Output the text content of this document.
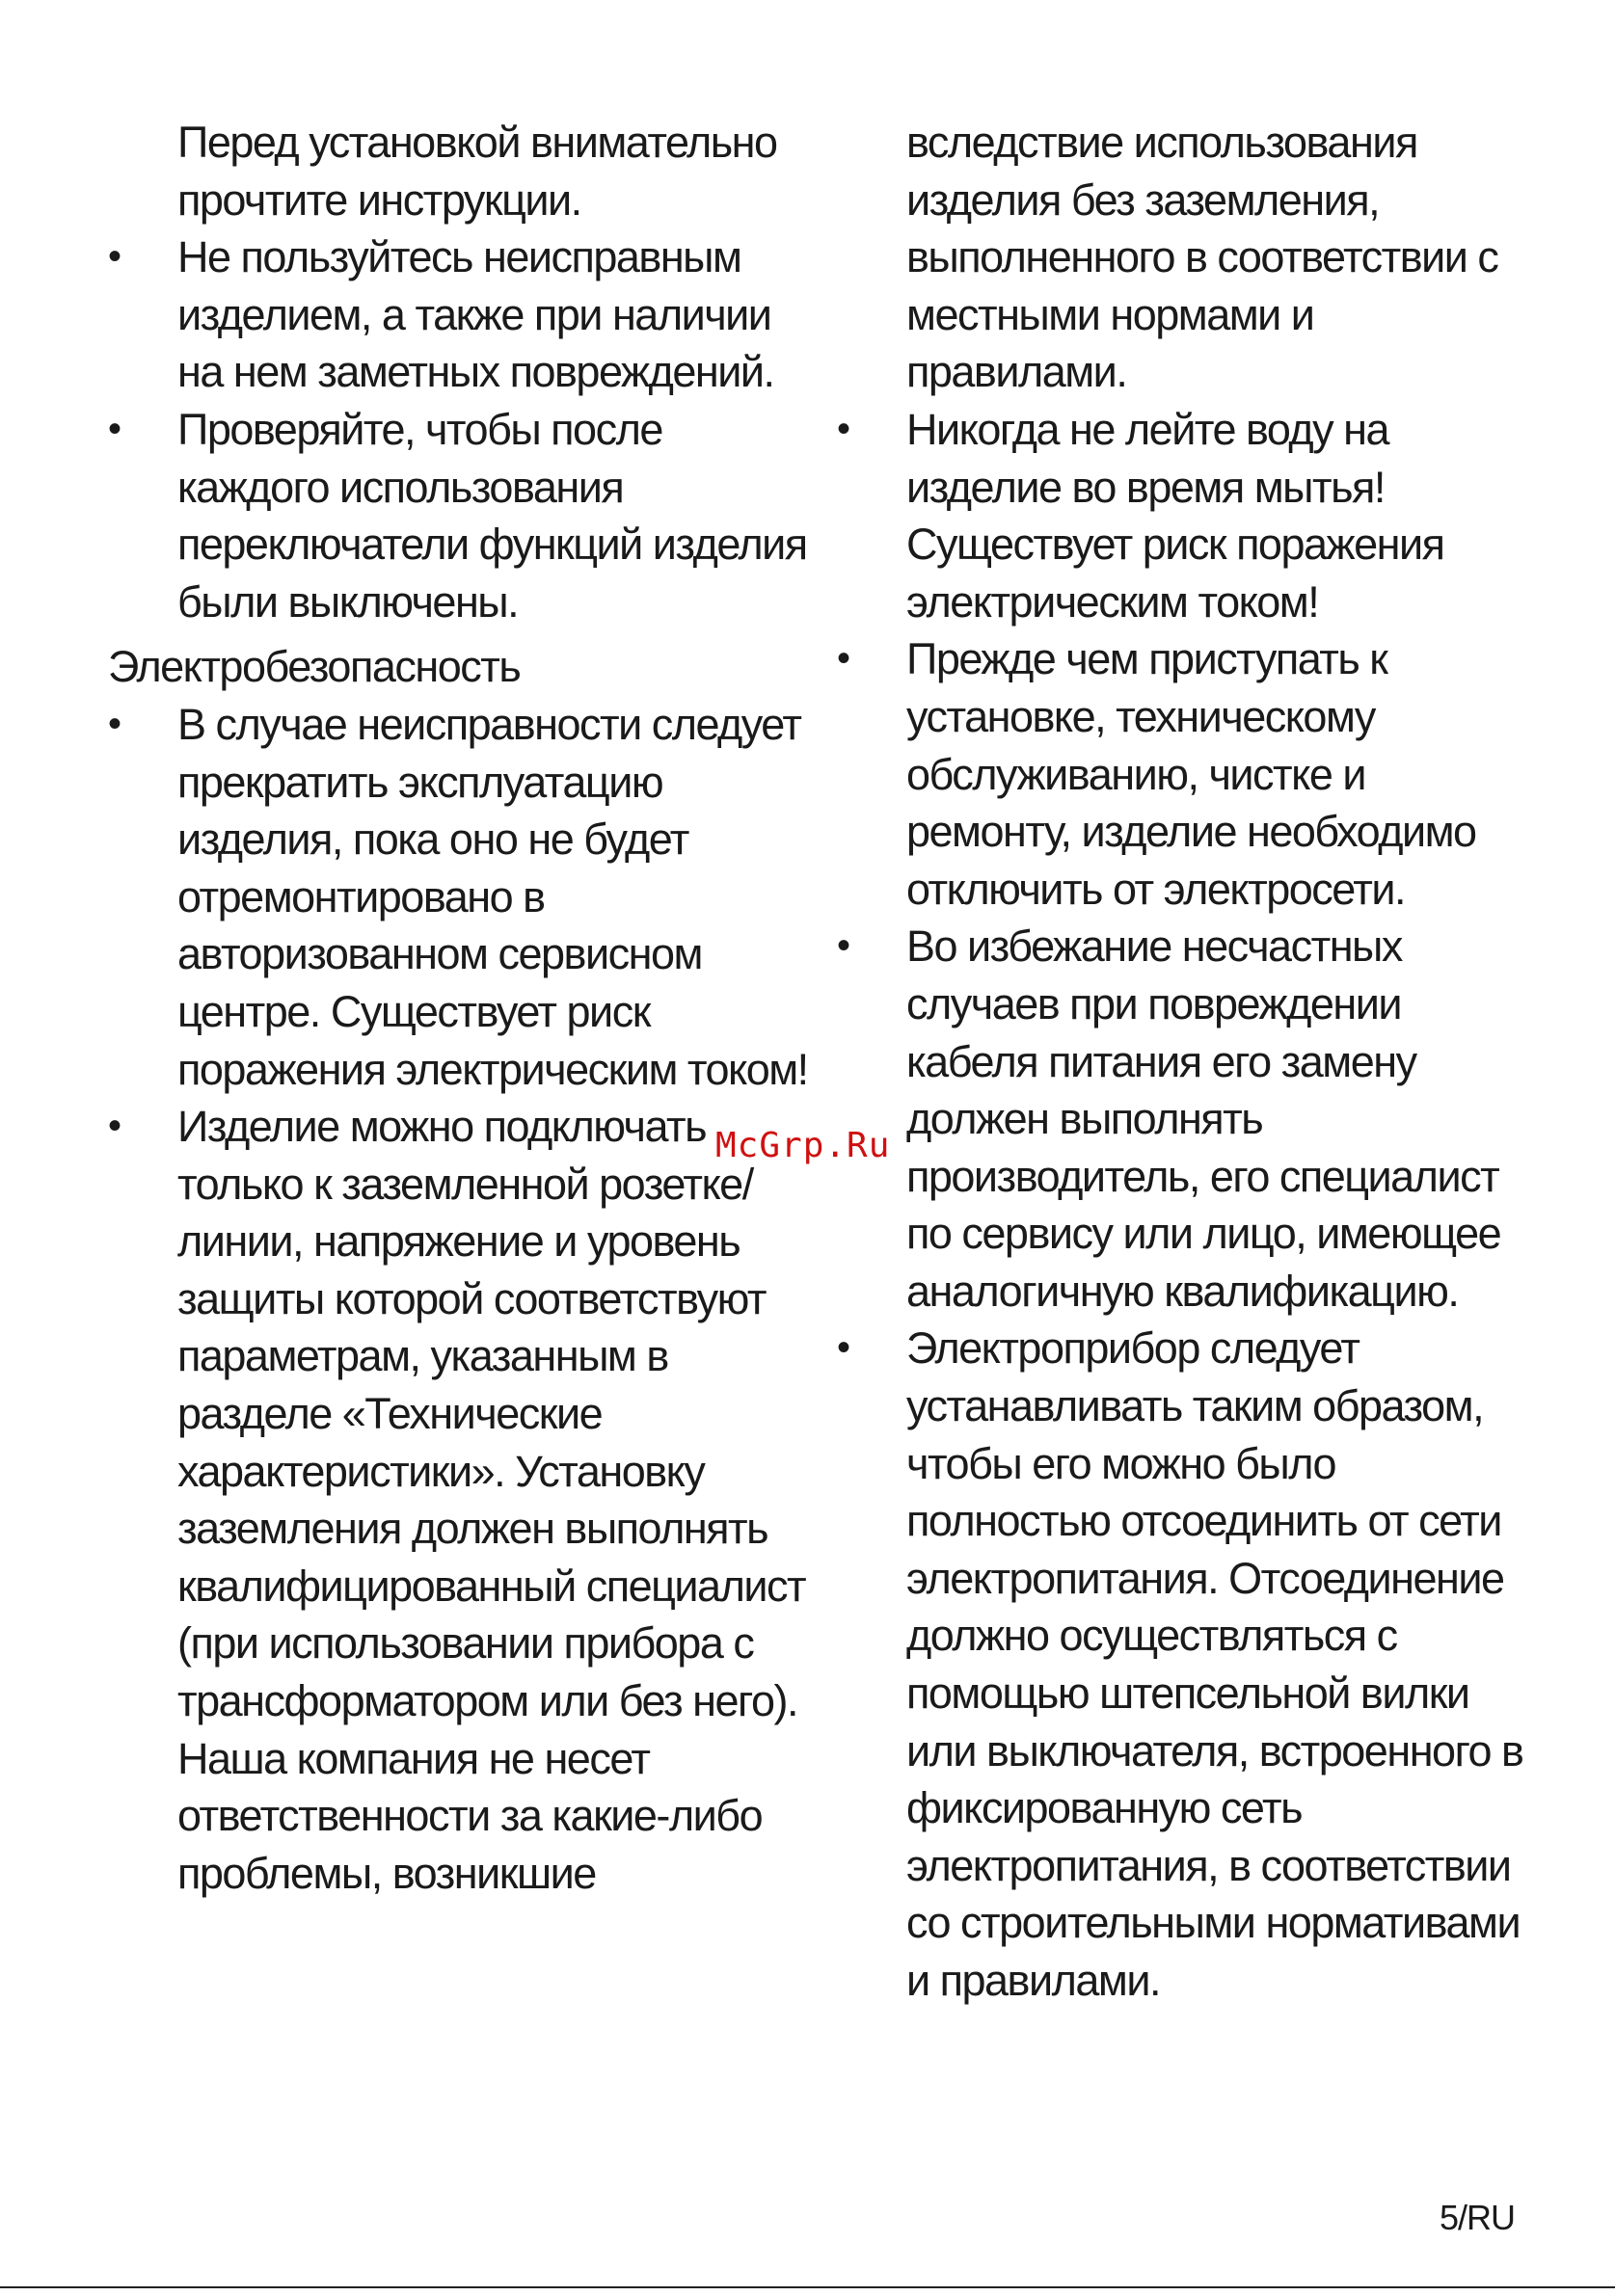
Перед установкой внимательно прочтите инструкции.
•	Не пользуйтесь неисправным изделием, а также при наличии на нем заметных повреждений.
•	Проверяйте, чтобы после каждого использования переключатели функций изделия были выключены.
Электробезопасность
•	В случае неисправности следует прекратить эксплуатацию изделия, пока оно не будет отремонтировано в авторизованном сервисном центре. Существует риск поражения электрическим током!
•	Изделие можно подключать только к заземленной розетке/линии, напряжение и уровень защиты которой соответствуют параметрам, указанным в разделе «Технические характеристики». Установку заземления должен выполнять квалифицированный специалист (при использовании прибора с трансформатором или без него). Наша компания не несет ответственности за какие-либо проблемы, возникшие
вследствие использования изделия без заземления, выполненного в соответствии с местными нормами и правилами.
•	Никогда не лейте воду на изделие во время мытья! Существует риск поражения электрическим током!
•	Прежде чем приступать к установке, техническому обслуживанию, чистке и ремонту, изделие необходимо отключить от электросети.
•	Во избежание несчастных случаев при повреждении кабеля питания его замену должен выполнять производитель, его специалист по сервису или лицо, имеющее аналогичную квалификацию.
•	Электроприбор следует устанавливать таким образом, чтобы его можно было полностью отсоединить от сети электропитания. Отсоединение должно осуществляться с помощью штепсельной вилки или выключателя, встроенного в фиксированную сеть электропитания, в соответствии со строительными нормативами и правилами.
McGrp.Ru
5/RU
